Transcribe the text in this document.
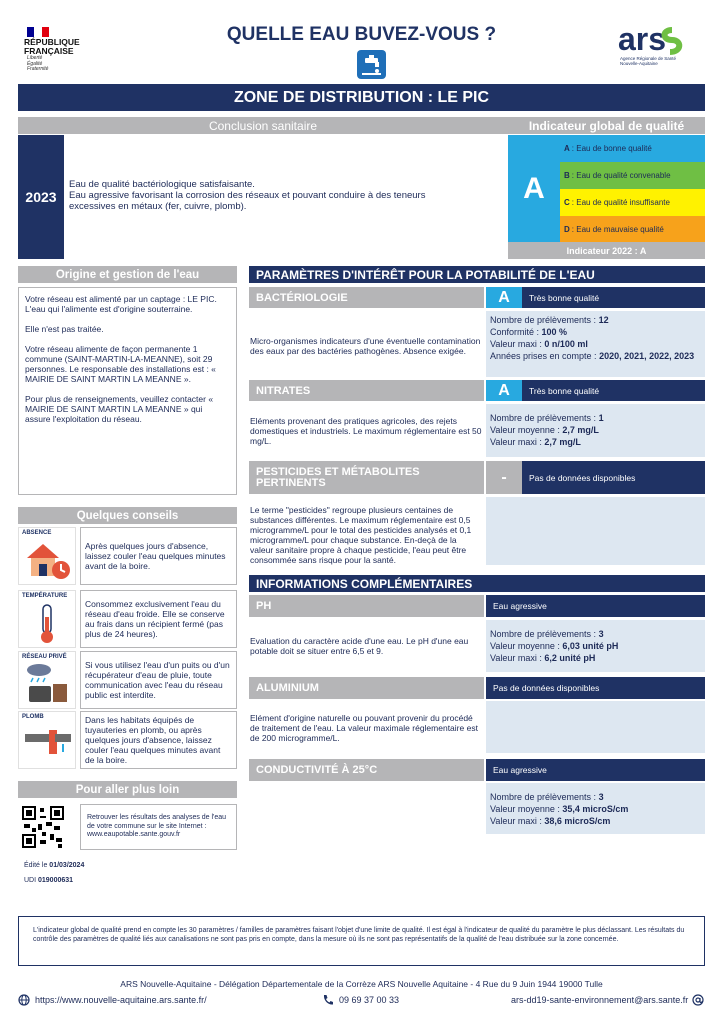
RÉPUBLIQUE
FRANÇAISE
Liberté
Égalité
Fraternité
QUELLE EAU BUVEZ-VOUS ?	ars
Agence Régionale de Santé
Nouvelle-Aquitaine
ZONE DE DISTRIBUTION : LE PIC
Conclusion sanitaire	Indicateur global de qualité
2023
Eau de qualité bactériologique satisfaisante.
Eau agressive favorisant la corrosion des réseaux et pouvant conduire à des teneurs excessives en métaux (fer, cuivre, plomb).
A
A : Eau de bonne qualité
B : Eau de qualité convenable
C : Eau de qualité insuffisante
D : Eau de mauvaise qualité
Indicateur 2022 : A
Origine et gestion de l'eau

Votre réseau est alimenté par un captage : LE PIC. L'eau qui l'alimente est d'origine souterraine.

Elle n'est pas traitée.

Votre réseau alimente de façon permanente 1 commune (SAINT-MARTIN-LA-MEANNE), soit 29 personnes. Le responsable des installations est : « MAIRIE DE SAINT MARTIN LA MEANNE ».

Pour plus de renseignements, veuillez contacter « MAIRIE DE SAINT MARTIN LA MEANNE » qui assure l'exploitation du réseau.

Quelques conseils
ABSENCE
Après quelques jours d'absence, laissez couler l'eau quelques minutes avant de la boire.
TEMPÉRATURE
Consommez exclusivement l'eau du réseau d'eau froide. Elle se conserve au frais dans un récipient fermé (pas plus de 24 heures).
RÉSEAU PRIVÉ
Si vous utilisez l'eau d'un puits ou d'un récupérateur d'eau de pluie, toute communication avec l'eau du réseau public est interdite.
PLOMB	Dans les habitats équipés de tuyauteries en plomb, ou après quelques jours d'absence, laissez couler l'eau quelques minutes avant de la boire.
Pour aller plus loin
Retrouver les résultats des analyses de l'eau de votre commune sur le site Internet : www.eaupotable.sante.gouv.fr
Édité le 01/03/2024
UDI 019000631
PARAMÈTRES D'INTÉRÊT POUR LA POTABILITÉ DE L'EAU
BACTÉRIOLOGIE	A	Très bonne qualité
Micro-organismes indicateurs d'une éventuelle contamination des eaux par des bactéries pathogènes. Absence exigée.
Nombre de prélèvements : 12
Conformité : 100 %
Valeur maxi : 0 n/100 ml
Années prises en compte : 2020, 2021, 2022, 2023
NITRATES	A	Très bonne qualité
Eléments provenant des pratiques agricoles, des rejets domestiques et industriels. Le maximum réglementaire est 50 mg/L.
Nombre de prélèvements : 1
Valeur moyenne : 2,7 mg/L
Valeur maxi : 2,7 mg/L
PESTICIDES ET MÉTABOLITES
PERTINENTS	-	Pas de données disponibles
Le terme "pesticides" regroupe plusieurs centaines de substances différentes. Le maximum réglementaire est 0,5 microgramme/L pour le total des pesticides analysés et 0,1 microgramme/L pour chaque substance. En-deçà de la valeur sanitaire propre à chaque pesticide, l'eau peut être consommée sans risque pour la santé.
INFORMATIONS COMPLÉMENTAIRES
PH	Eau agressive
Evaluation du caractère acide d'une eau. Le pH d'une eau potable doit se situer entre 6,5 et 9.
Nombre de prélèvements : 3
Valeur moyenne : 6,03 unité pH
Valeur maxi : 6,2 unité pH
ALUMINIUM	Pas de données disponibles
Elément d'origine naturelle ou pouvant provenir du procédé de traitement de l'eau. La valeur maximale réglementaire est de 200 microgramme/L.
CONDUCTIVITÉ À 25°C	Eau agressive
Nombre de prélèvements : 3
Valeur moyenne : 35,4 microS/cm
Valeur maxi : 38,6 microS/cm
L'indicateur global de qualité prend en compte les 30 paramètres / familles de paramètres faisant l'objet d'une limite de qualité. Il est égal à l'indicateur de qualité du paramètre le plus déclassant. Les résultats du contrôle des paramètres de qualité liés aux canalisations ne sont pas pris en compte, dans la mesure où ils ne sont pas représentatifs de la qualité de l'eau distribuée sur la zone concernée.
ARS Nouvelle-Aquitaine - Délégation Départementale de la Corrèze ARS Nouvelle Aquitaine - 4 Rue du 9 Juin 1944 19000 Tulle
https://www.nouvelle-aquitaine.ars.sante.fr/	09 69 37 00 33	ars-dd19-sante-environnement@ars.sante.fr
